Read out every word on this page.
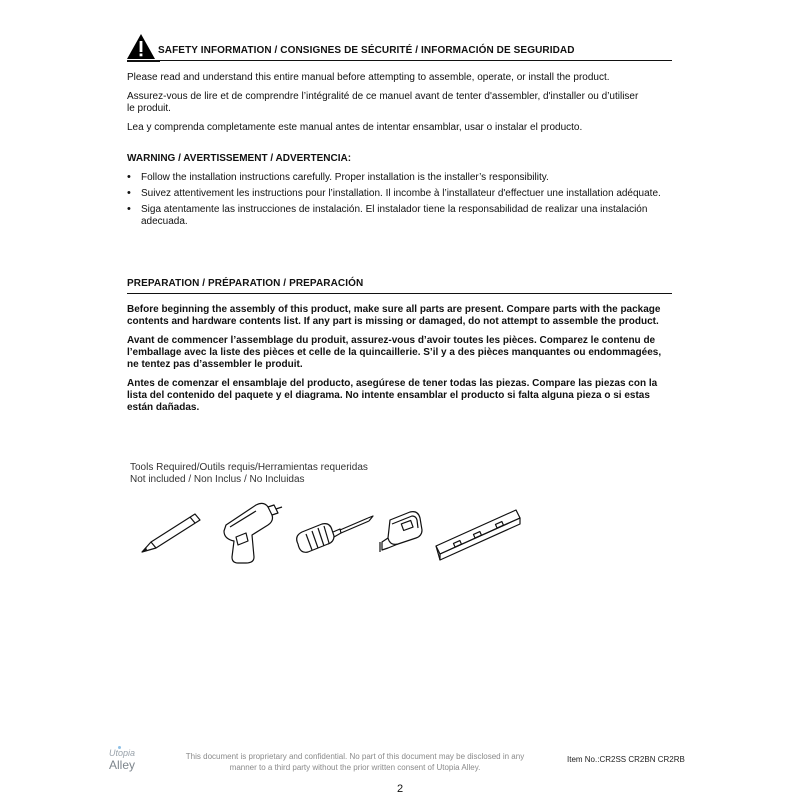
SAFETY INFORMATION / CONSIGNES DE SÉCURITÉ / INFORMACIÓN DE SEGURIDAD

Please read and understand this entire manual before attempting to assemble, operate, or install the product.

Assurez-vous de lire et de comprendre l’intégralité de ce manuel avant de tenter d'assembler, d'installer ou d’utiliser

le produit.

Lea y comprenda completamente este manual antes de intentar ensamblar, usar o instalar el producto.

WARNING / AVERTISSEMENT / ADVERTENCIA:
• Follow the installation instructions carefully. Proper installation is the installer’s responsibility.
• Suivez attentivement les instructions pour l’installation. Il incombe à l’installateur d'effectuer une installation adéquate.
• Siga atentamente las instrucciones de instalación. El instalador tiene la responsabilidad de realizar una instalación
adecuada.
PREPARATION / PRÉPARATION / PREPARACIÓN
Before beginning the assembly of this product, make sure all parts are present. Compare parts with the package
contents and hardware contents list. If any part is missing or damaged, do not attempt to assemble the product.
Avant de commencer l’assemblage du produit, assurez-vous d’avoir toutes les pièces. Comparez le contenu de
l’emballage avec la liste des pièces et celle de la quincaillerie. S’il y a des pièces manquantes ou endommagées,
ne tentez pas d’assembler le produit.
Antes de comenzar el ensamblaje del producto, asegúrese de tener todas las piezas. Compare las piezas con la
lista del contenido del paquete y el diagrama. No intente ensamblar el producto si falta alguna pieza o si estas
están dañadas.
Tools Required/Outils requis/Herramientas requeridas
Not included / Non Inclus / No Incluidas
Utopia
Alley
This document is proprietary and confidential. No part of this document may be disclosed in any
manner to a third party without the prior written consent of Utopia Alley.
Item No.:CR2SS CR2BN CR2RB
2
